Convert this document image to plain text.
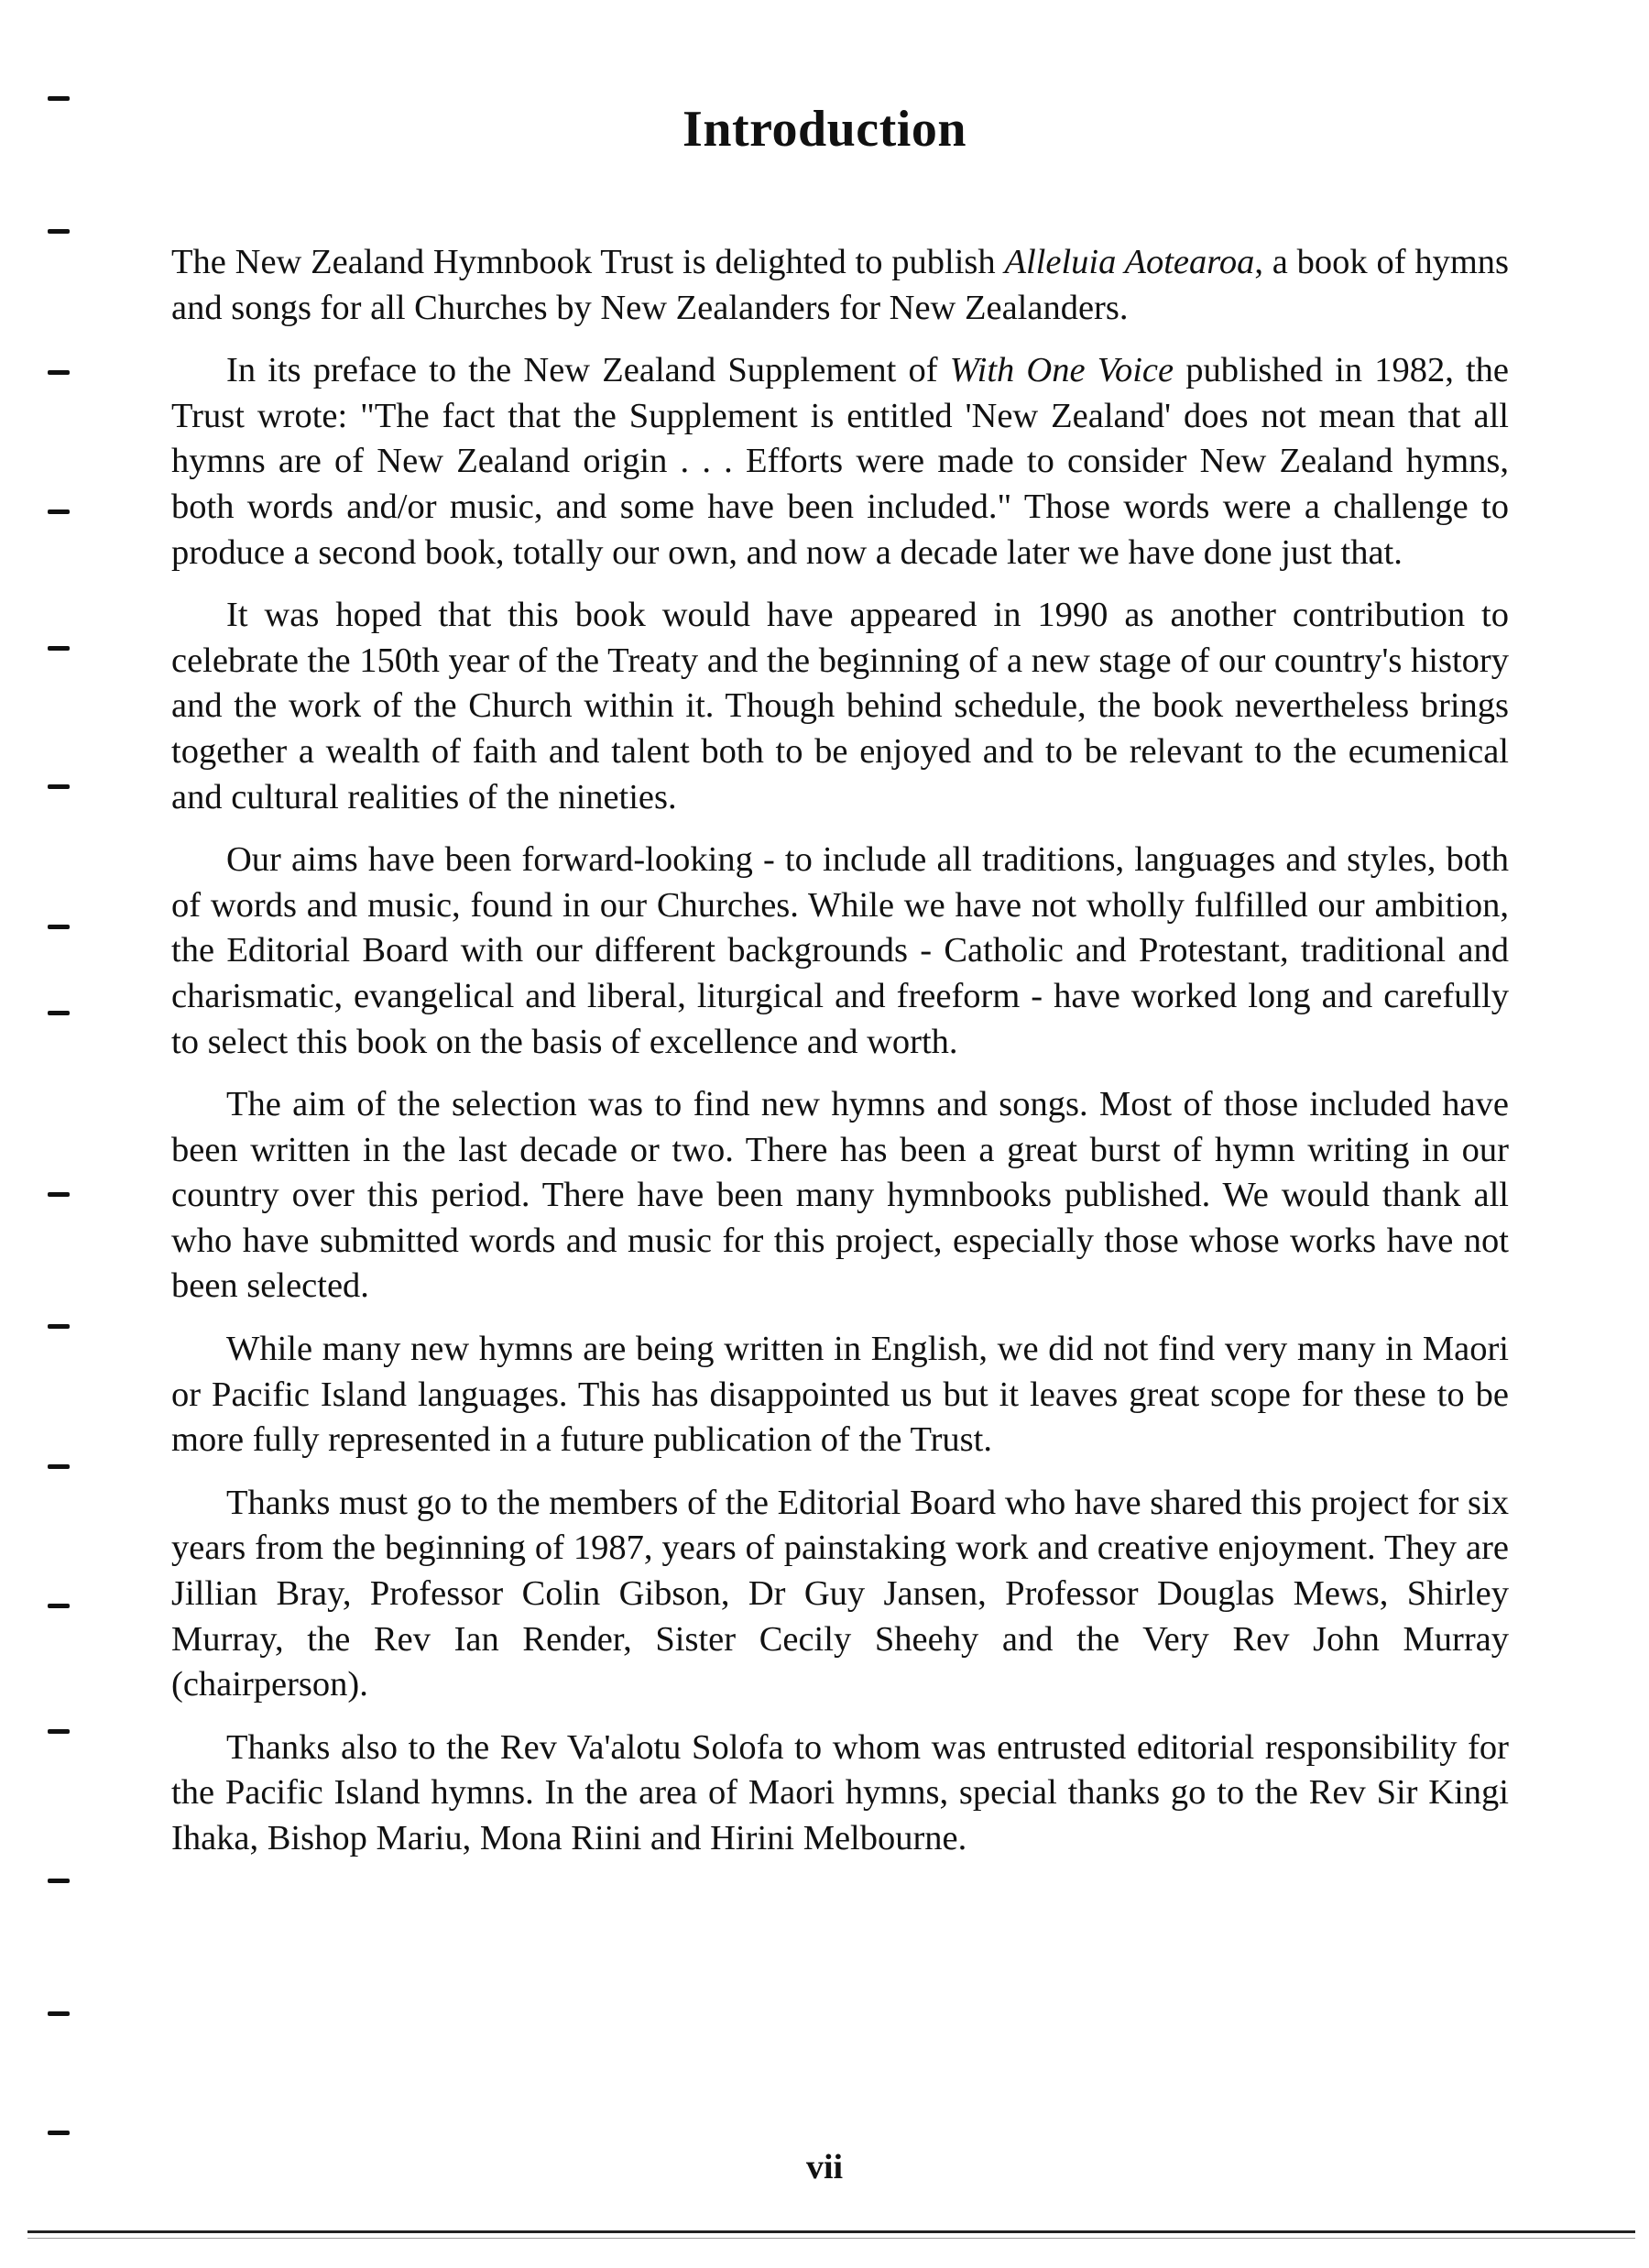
Introduction

The New Zealand Hymnbook Trust is delighted to publish Alleluia Aotearoa, a book of hymns and songs for all Churches by New Zealanders for New Zealanders.

In its preface to the New Zealand Supplement of With One Voice published in 1982, the Trust wrote: "The fact that the Supplement is entitled 'New Zealand' does not mean that all hymns are of New Zealand origin . . . Efforts were made to consider New Zealand hymns, both words and/or music, and some have been included." Those words were a challenge to produce a second book, totally our own, and now a decade later we have done just that.

It was hoped that this book would have appeared in 1990 as another contribution to celebrate the 150th year of the Treaty and the beginning of a new stage of our country's history and the work of the Church within it. Though behind schedule, the book nevertheless brings together a wealth of faith and talent both to be enjoyed and to be relevant to the ecumenical and cultural realities of the nineties.

Our aims have been forward-looking - to include all traditions, languages and styles, both of words and music, found in our Churches. While we have not wholly fulfilled our ambition, the Editorial Board with our different backgrounds - Catholic and Protestant, traditional and charismatic, evangelical and liberal, liturgical and freeform - have worked long and carefully to select this book on the basis of excellence and worth.

The aim of the selection was to find new hymns and songs. Most of those included have been written in the last decade or two. There has been a great burst of hymn writing in our country over this period. There have been many hymnbooks published. We would thank all who have submitted words and music for this project, especially those whose works have not been selected.

While many new hymns are being written in English, we did not find very many in Maori or Pacific Island languages. This has disappointed us but it leaves great scope for these to be more fully represented in a future publication of the Trust.

Thanks must go to the members of the Editorial Board who have shared this project for six years from the beginning of 1987, years of painstaking work and creative enjoyment. They are Jillian Bray, Professor Colin Gibson, Dr Guy Jansen, Professor Douglas Mews, Shirley Murray, the Rev Ian Render, Sister Cecily Sheehy and the Very Rev John Murray (chairperson).

Thanks also to the Rev Va'alotu Solofa to whom was entrusted editorial responsibility for the Pacific Island hymns. In the area of Maori hymns, special thanks go to the Rev Sir Kingi Ihaka, Bishop Mariu, Mona Riini and Hirini Melbourne.

vii
